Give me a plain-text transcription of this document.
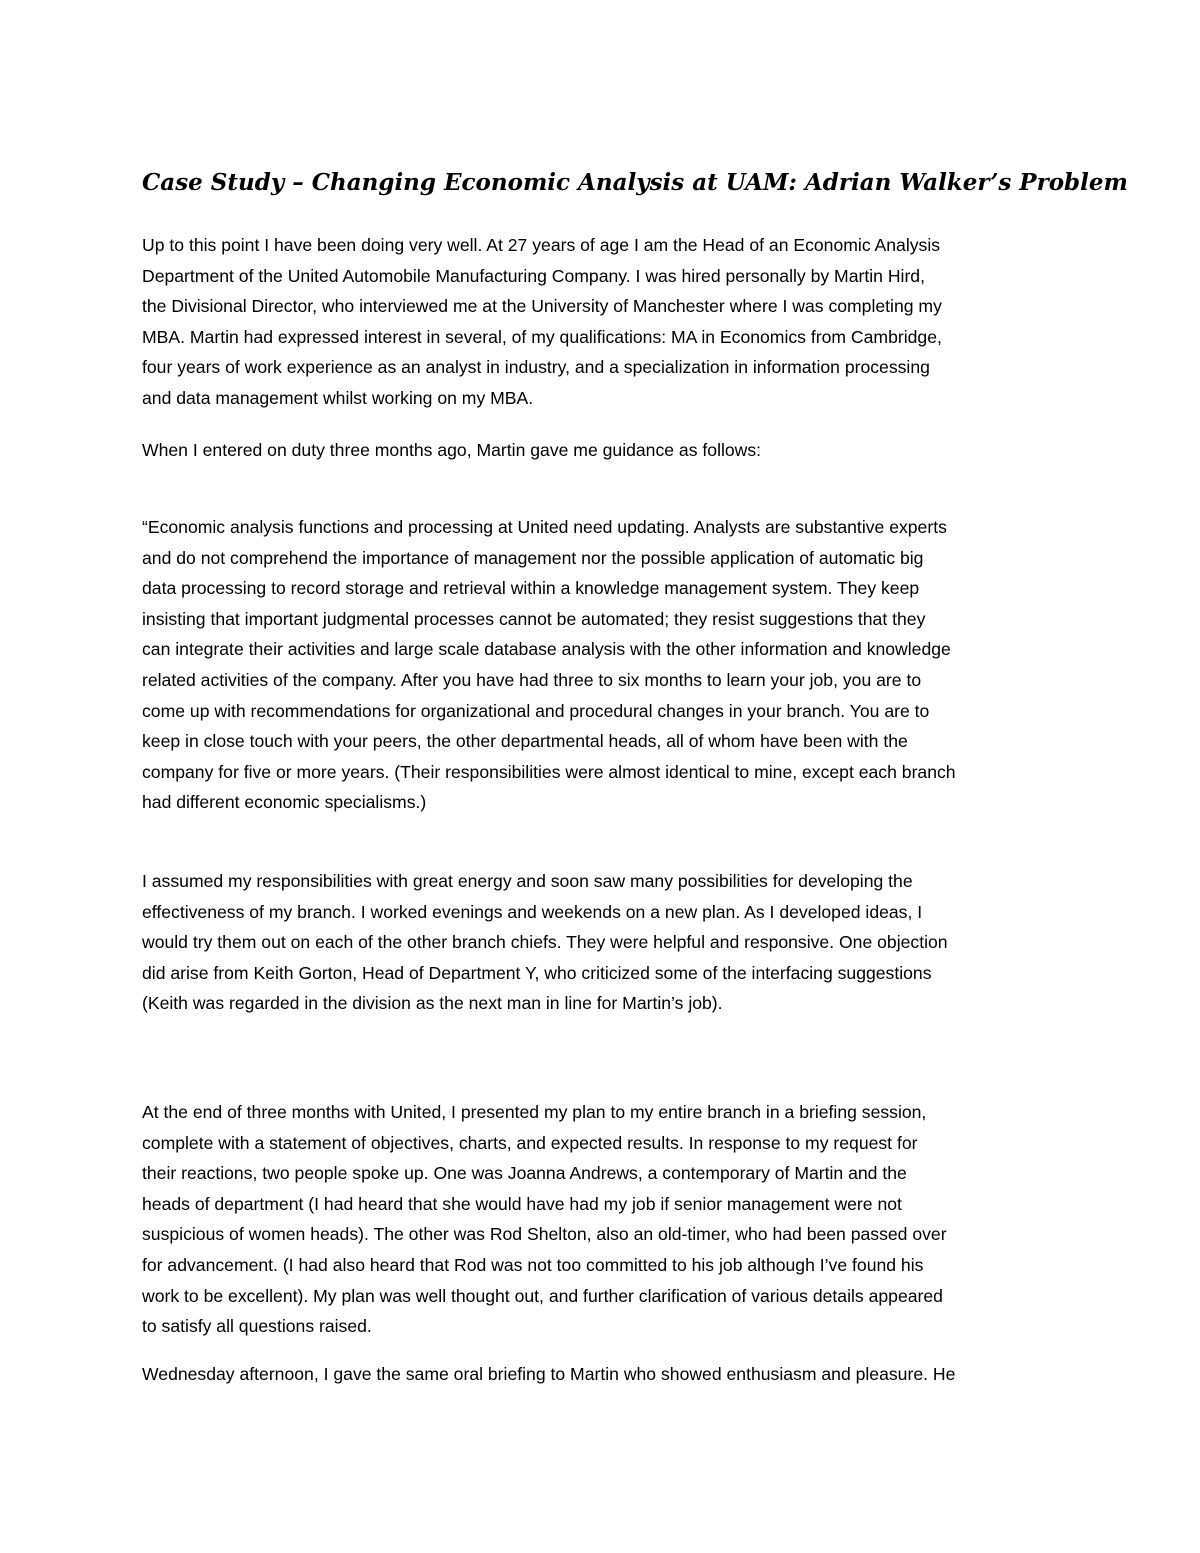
Case Study – Changing Economic Analysis at UAM: Adrian Walker’s Problem
Up to this point I have been doing very well. At 27 years of age I am the Head of an Economic Analysis
Department of the United Automobile Manufacturing Company. I was hired personally by Martin Hird,
the Divisional Director, who interviewed me at the University of Manchester where I was completing my
MBA. Martin had expressed interest in several, of my qualifications: MA in Economics from Cambridge,
four years of work experience as an analyst in industry, and a specialization in information processing
and data management whilst working on my MBA.
When I entered on duty three months ago, Martin gave me guidance as follows:
“Economic analysis functions and processing at United need updating. Analysts are substantive experts
and do not comprehend the importance of management nor the possible application of automatic big
data processing to record storage and retrieval within a knowledge management system. They keep
insisting that important judgmental processes cannot be automated; they resist suggestions that they
can integrate their activities and large scale database analysis with the other information and knowledge
related activities of the company. After you have had three to six months to learn your job, you are to
come up with recommendations for organizational and procedural changes in your branch. You are to
keep in close touch with your peers, the other departmental heads, all of whom have been with the
company for five or more years. (Their responsibilities were almost identical to mine, except each branch
had different economic specialisms.)
I assumed my responsibilities with great energy and soon saw many possibilities for developing the
effectiveness of my branch. I worked evenings and weekends on a new plan. As I developed ideas, I
would try them out on each of the other branch chiefs. They were helpful and responsive. One objection
did arise from Keith Gorton, Head of Department Y, who criticized some of the interfacing suggestions
(Keith was regarded in the division as the next man in line for Martin’s job).
At the end of three months with United, I presented my plan to my entire branch in a briefing session,
complete with a statement of objectives, charts, and expected results. In response to my request for
their reactions, two people spoke up. One was Joanna Andrews, a contemporary of Martin and the
heads of department (I had heard that she would have had my job if senior management were not
suspicious of women heads). The other was Rod Shelton, also an old-timer, who had been passed over
for advancement. (I had also heard that Rod was not too committed to his job although I’ve found his
work to be excellent). My plan was well thought out, and further clarification of various details appeared
to satisfy all questions raised.
Wednesday afternoon, I gave the same oral briefing to Martin who showed enthusiasm and pleasure. He
